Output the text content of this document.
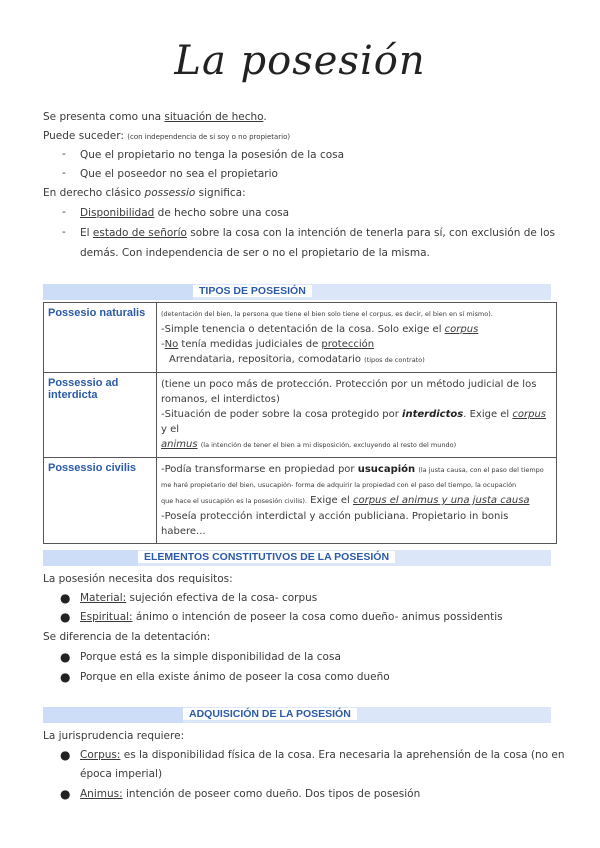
La posesión
Se presenta como una situación de hecho.
Puede suceder: (con independencia de si soy o no propietario)
- Que el propietario no tenga la posesión de la cosa
- Que el poseedor no sea el propietario
En derecho clásico possessio significa:
- Disponibilidad de hecho sobre una cosa
- El estado de señorío sobre la cosa con la intención de tenerla para sí, con exclusión de los
demás. Con independencia de ser o no el propietario de la misma.
TIPOS DE POSESIÓN
Possesio naturalis	(detentación del bien, la persona que tiene el bien solo tiene el corpus, es decir, el bien en sí mismo).
-Simple tenencia o detentación de la cosa. Solo exige el corpus
-No tenía medidas judiciales de protección
Arrendataria, repositoria, comodatario (tipos de contrato)

Possessio ad interdicta	(tiene un poco más de protección. Protección por un método judicial de los
romanos, el interdictos)
-Situación de poder sobre la cosa protegido por interdictos. Exige el corpus y el
animus (la intención de tener el bien a mi disposición, excluyendo al resto del mundo)

Possessio civilis	-Podía transformarse en propiedad por usucapión (la justa causa, con el paso del tiempo
me haré propietario del bien, usucapión- forma de adquirir la propiedad con el paso del tiempo, la ocupación
que hace el usucapión es la posesión civilis). Exige el corpus el animus y una justa causa
-Poseía protección interdictal y acción publiciana. Propietario in bonis habere...
ELEMENTOS CONSTITUTIVOS DE LA POSESIÓN
La posesión necesita dos requisitos:
● Material: sujeción efectiva de la cosa- corpus
● Espiritual: ánimo o intención de poseer la cosa como dueño- animus possidentis
Se diferencia de la detentación:
● Porque está es la simple disponibilidad de la cosa
● Porque en ella existe ánimo de poseer la cosa como dueño
ADQUISICIÓN DE LA POSESIÓN
La jurisprudencia requiere:
● Corpus: es la disponibilidad física de la cosa. Era necesaria la aprehensión de la cosa (no en
época imperial)
● Animus: intención de poseer como dueño. Dos tipos de posesión
